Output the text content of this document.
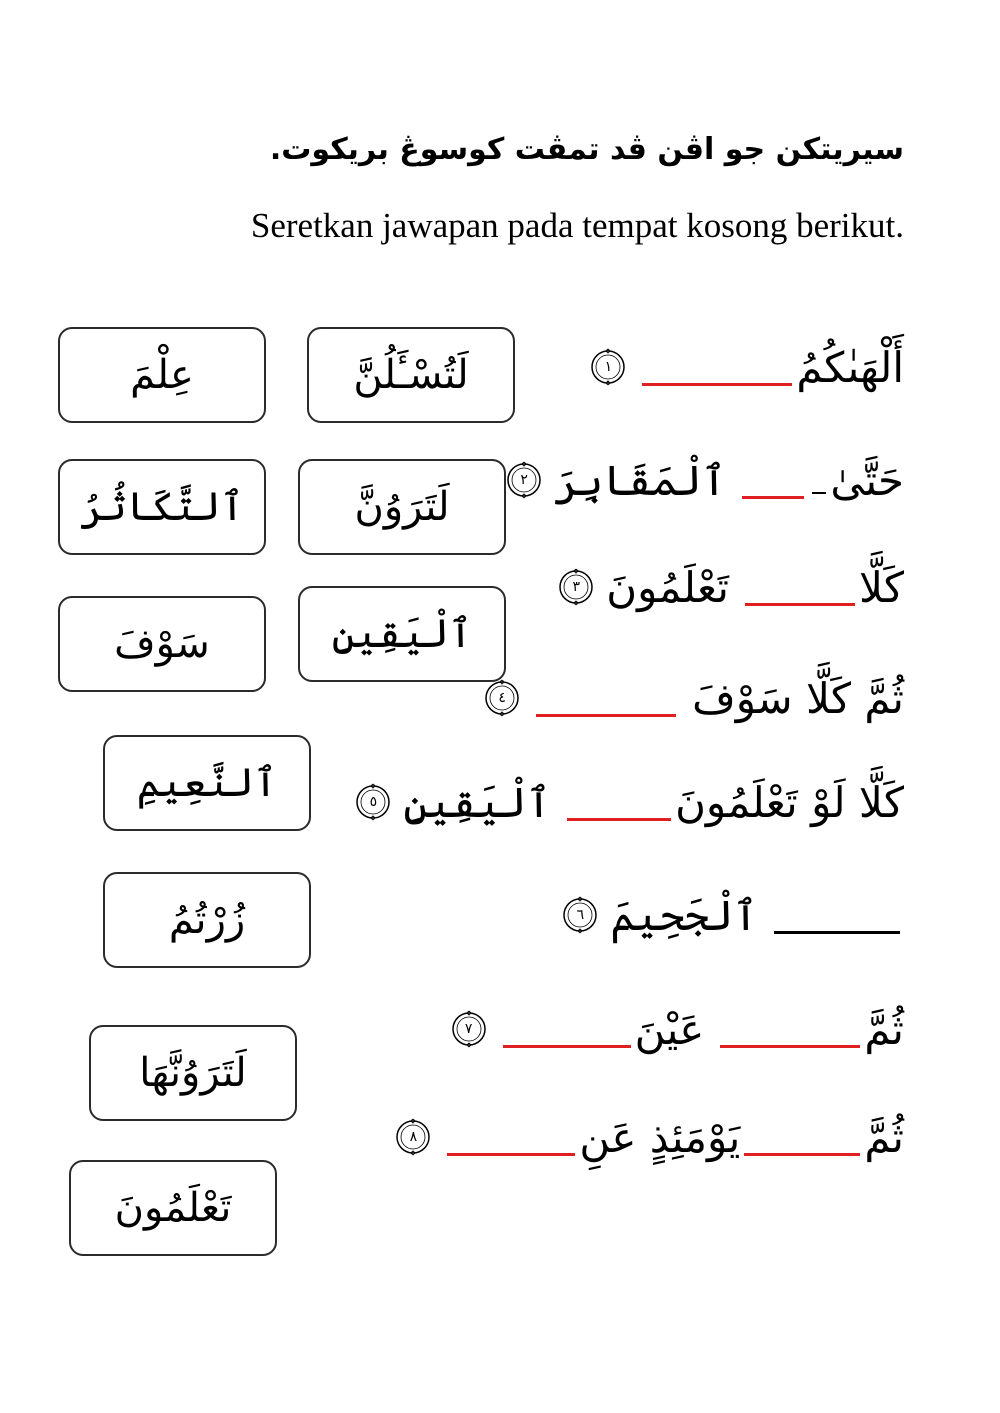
سيريتكن جو اڤن ڤد تمڤت كوسوڠ بريكوت.
Seretkan jawapan pada tempat kosong berikut.
لَتُسْـَٔلُنَّ
عِلْمَ
لَتَرَوُنَّ
ٱلتَّكَاثُرُ
ٱلْيَقِينِ
سَوْفَ
ٱلنَّعِيمِ
زُرْتُمُ
لَتَرَوُنَّهَا
تَعْلَمُونَ
أَلْهَىٰكُمُ
١
حَتَّىٰ
ٱلْمَقَابِرَ
٢
كَلَّا
تَعْلَمُونَ
٣
ثُمَّ كَلَّا سَوْفَ
٤
كَلَّا لَوْ تَعْلَمُونَ
ٱلْيَقِينِ
٥
ٱلْجَحِيمَ
٦
ثُمَّ
عَيْنَ
٧
ثُمَّ
يَوْمَئِذٍ عَنِ
٨
